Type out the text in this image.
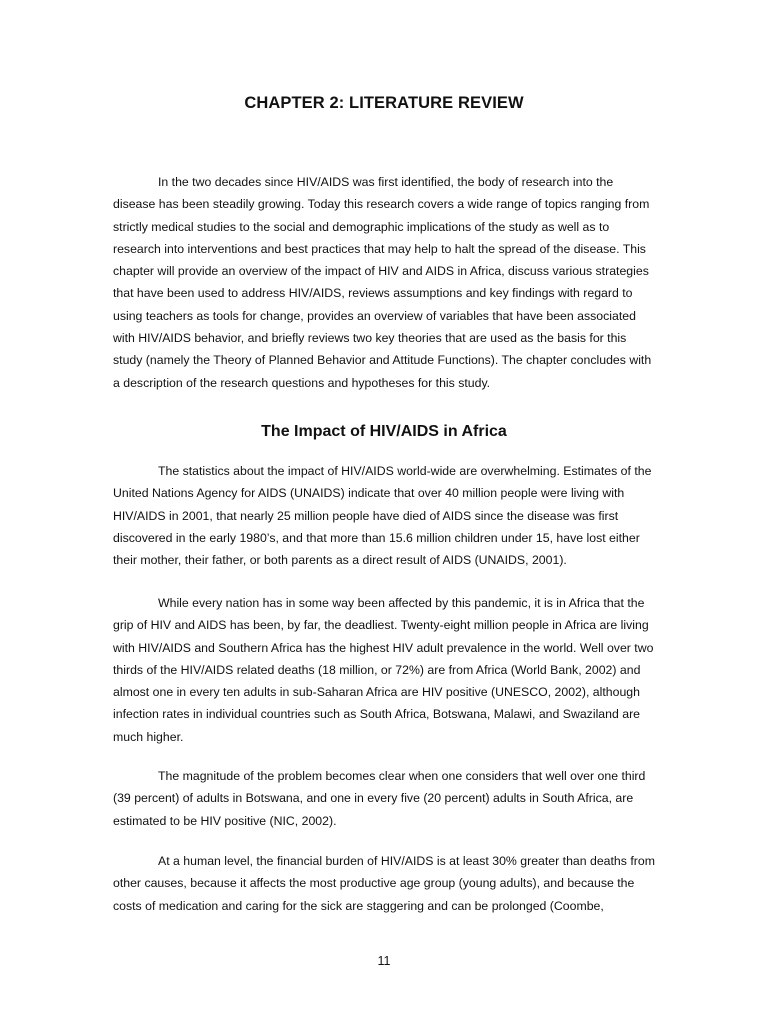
CHAPTER 2: LITERATURE REVIEW

In the two decades since HIV/AIDS was first identified, the body of research into the disease has been steadily growing. Today this research covers a wide range of topics ranging from strictly medical studies to the social and demographic implications of the study as well as to research into interventions and best practices that may help to halt the spread of the disease. This chapter will provide an overview of the impact of HIV and AIDS in Africa, discuss various strategies that have been used to address HIV/AIDS, reviews assumptions and key findings with regard to using teachers as tools for change, provides an overview of variables that have been associated with HIV/AIDS behavior, and briefly reviews two key theories that are used as the basis for this study (namely the Theory of Planned Behavior and Attitude Functions). The chapter concludes with a description of the research questions and hypotheses for this study.

The Impact of HIV/AIDS in Africa

The statistics about the impact of HIV/AIDS world-wide are overwhelming. Estimates of the United Nations Agency for AIDS (UNAIDS) indicate that over 40 million people were living with HIV/AIDS in 2001, that nearly 25 million people have died of AIDS since the disease was first discovered in the early 1980’s, and that more than 15.6 million children under 15, have lost either their mother, their father, or both parents as a direct result of AIDS (UNAIDS, 2001).

While every nation has in some way been affected by this pandemic, it is in Africa that the grip of HIV and AIDS has been, by far, the deadliest. Twenty-eight million people in Africa are living with HIV/AIDS and Southern Africa has the highest HIV adult prevalence in the world. Well over two thirds of the HIV/AIDS related deaths (18 million, or 72%) are from Africa (World Bank, 2002) and almost one in every ten adults in sub-Saharan Africa are HIV positive (UNESCO, 2002), although infection rates in individual countries such as South Africa, Botswana, Malawi, and Swaziland are much higher.

The magnitude of the problem becomes clear when one considers that well over one third (39 percent) of adults in Botswana, and one in every five (20 percent) adults in South Africa, are estimated to be HIV positive (NIC, 2002).

At a human level, the financial burden of HIV/AIDS is at least 30% greater than deaths from other causes, because it affects the most productive age group (young adults), and because the costs of medication and caring for the sick are staggering and can be prolonged (Coombe,

11
